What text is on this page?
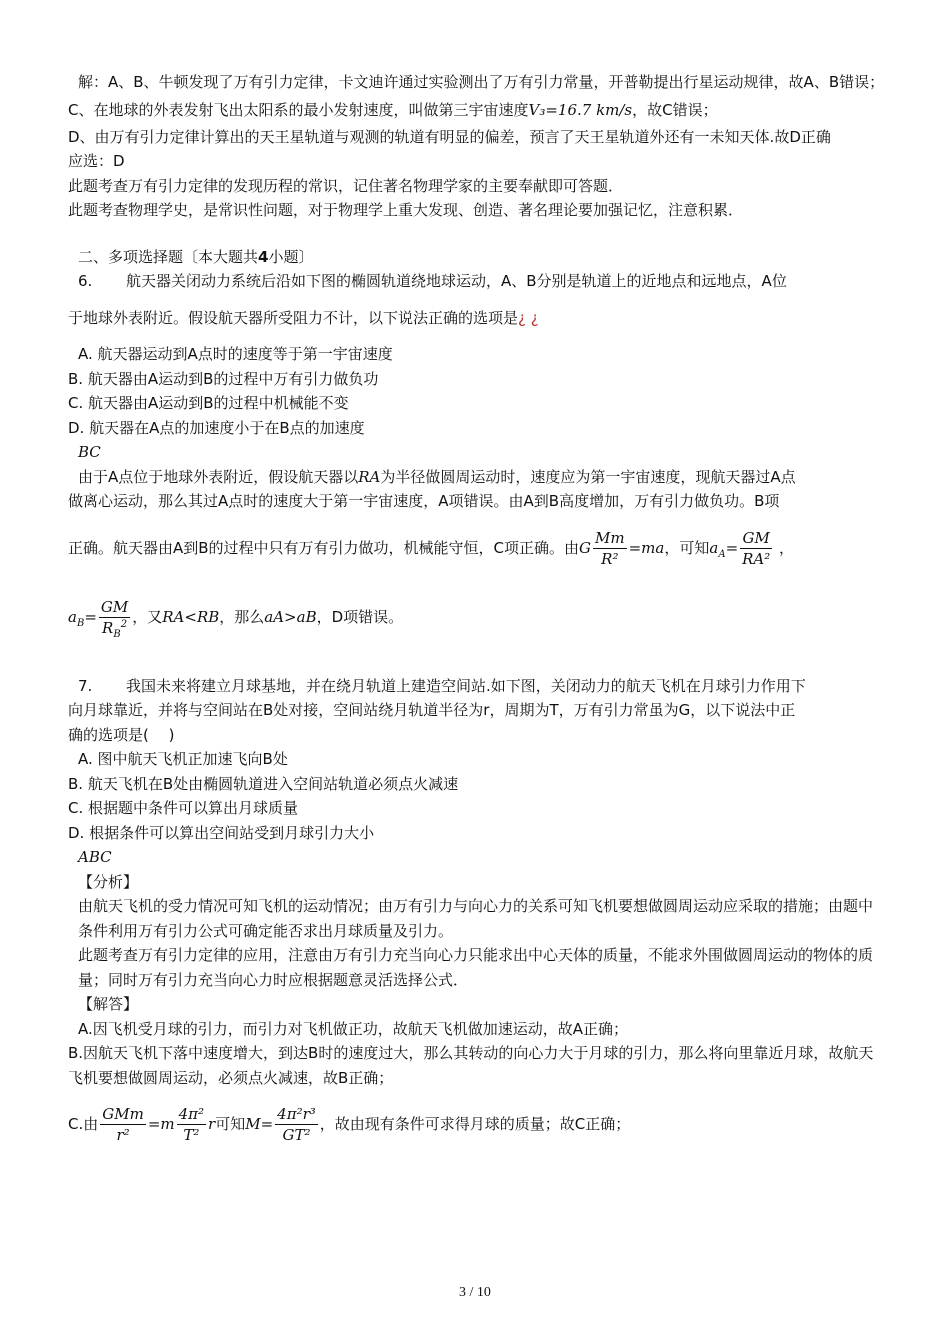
解：A、B、牛顿发现了万有引力定律，卡文迪许通过实验测出了万有引力常量，开普勒提出行星运动规律，故A、B错误；

C、在地球的外表发射飞出太阳系的最小发射速度，叫做第三宇宙速度V₃=16.7 km/s，故C错误；

D、由万有引力定律计算出的天王星轨道与观测的轨道有明显的偏差，预言了天王星轨道外还有一未知天体.故D正确

应选：D

此题考查万有引力定律的发现历程的常识，记住著名物理学家的主要奉献即可答题．

此题考查物理学史，是常识性问题，对于物理学上重大发现、创造、著名理论要加强记忆，注意积累．

二、多项选择题〔本大题共4小题〕

6. 航天器关闭动力系统后沿如下图的椭圆轨道绕地球运动，A、B分别是轨道上的近地点和远地点，A位

于地球外表附近。假设航天器所受阻力不计，以下说法正确的选项是¿ ¿

A. 航天器运动到A点时的速度等于第一宇宙速度

B. 航天器由A运动到B的过程中万有引力做负功

C. 航天器由A运动到B的过程中机械能不变

D. 航天器在A点的加速度小于在B点的加速度

BC

由于A点位于地球外表附近，假设航天器以RA为半径做圆周运动时，速度应为第一宇宙速度，现航天器过A点

做离心运动，那么其过A点时的速度大于第一宇宙速度，A项错误。由A到B高度增加，万有引力做负功。B项

正确。航天器由A到B的过程中只有万有引力做功，机械能守恒，C项正确。由G $\frac{Mm}{\text{R²}} =ma$，可知$a_A= \frac{GM}{\text{RA²}}$ ，

$a_B= \frac{GM}{R_B^2}$ ，又RA<RB，那么aA>aB，D项错误。

7. 我国未来将建立月球基地，并在绕月轨道上建造空间站.如下图，关闭动力的航天飞机在月球引力作用下

向月球靠近，并将与空间站在B处对接，空间站绕月轨道半径为r，周期为T，万有引力常虽为G，以下说法中正

确的选项是(　 )

A. 图中航天飞机正加速飞向B处

B. 航天飞机在B处由椭圆轨道进入空间站轨道必须点火减速

C. 根据题中条件可以算出月球质量

D. 根据条件可以算出空间站受到月球引力大小

ABC

【分析】

由航天飞机的受力情况可知飞机的运动情况；由万有引力与向心力的关系可知飞机要想做圆周运动应采取的措施；由题中条件利用万有引力公式可确定能否求出月球质量及引力。

此题考查万有引力定律的应用，注意由万有引力充当向心力只能求出中心天体的质量，不能求外围做圆周运动的物体的质量；同时万有引力充当向心力时应根据题意灵活选择公式．

【解答】

A.因飞机受月球的引力，而引力对飞机做正功，故航天飞机做加速运动，故A正确；

B.因航天飞机下落中速度增大，到达B时的速度过大，那么其转动的向心力大于月球的引力，那么将向里靠近月球，故航天飞机要想做圆周运动，必须点火减速，故B正确；

C.由 $\frac{\text{GMm}}{\text{r²}} =m \frac{\text{4π²}}{\text{T²}}$ r可知$M= \frac{\text{4π²r³}}{\text{GT²}}$ ，故由现有条件可求得月球的质量；故C正确；

3 / 10
